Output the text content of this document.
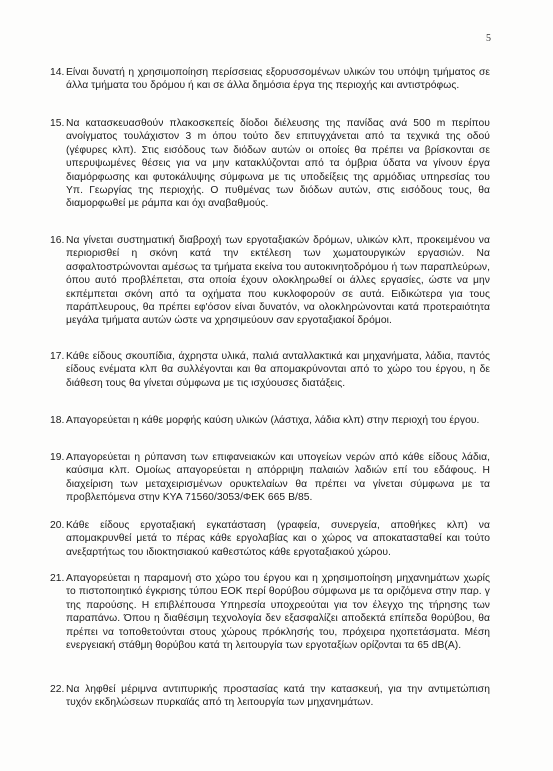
5
14. Είναι δυνατή η χρησιμοποίηση περίσσειας εξορυσσομένων υλικών του υπόψη τμήματος σε άλλα τμήματα του δρόμου ή και σε άλλα δημόσια έργα της περιοχής και αντιστρόφως.
15. Να κατασκευασθούν πλακοσκεπείς δίοδοι διέλευσης της πανίδας ανά 500 m περίπου ανοίγματος τουλάχιστον 3 m όπου τούτο δεν επιτυγχάνεται από τα τεχνικά της οδού (γέφυρες κλπ). Στις εισόδους των διόδων αυτών οι οποίες θα πρέπει να βρίσκονται σε υπερυψωμένες θέσεις για να μην κατακλύζονται από τα όμβρια ύδατα να γίνουν έργα διαμόρφωσης και φυτοκάλυψης σύμφωνα με τις υποδείξεις της αρμόδιας υπηρεσίας του Υπ. Γεωργίας της περιοχής. Ο πυθμένας των διόδων αυτών, στις εισόδους τους, θα διαμορφωθεί με ράμπα και όχι αναβαθμούς.
16. Να γίνεται συστηματική διαβροχή των εργοταξιακών δρόμων, υλικών κλπ, προκειμένου να περιορισθεί η σκόνη κατά την εκτέλεση των χωματουργικών εργασιών. Να ασφαλτοστρώνονται αμέσως τα τμήματα εκείνα του αυτοκινητοδρόμου ή των παραπλεύρων, όπου αυτό προβλέπεται, στα οποία έχουν ολοκληρωθεί οι άλλες εργασίες, ώστε να μην εκπέμπεται σκόνη από τα οχήματα που κυκλοφορούν σε αυτά. Ειδικώτερα για τους παράπλευρους, θα πρέπει εφ'όσον είναι δυνατόν, να ολοκληρώνονται κατά προτεραιότητα μεγάλα τμήματα αυτών ώστε να χρησιμεύουν σαν εργοταξιακοί δρόμοι.
17. Κάθε είδους σκουπίδια, άχρηστα υλικά, παλιά ανταλλακτικά και μηχανήματα, λάδια, παντός είδους ενέματα κλπ θα συλλέγονται και θα απομακρύνονται από το χώρο του έργου, η δε διάθεση τους θα γίνεται σύμφωνα με τις ισχύουσες διατάξεις.
18. Απαγορεύεται η κάθε μορφής καύση υλικών (λάστιχα, λάδια κλπ) στην περιοχή του έργου.
19. Απαγορεύεται η ρύπανση των επιφανειακών και υπογείων νερών από κάθε είδους λάδια, καύσιμα κλπ. Ομοίως απαγορεύεται η απόρριψη παλαιών λαδιών επί του εδάφους. Η διαχείριση των μεταχειρισμένων ορυκτελαίων θα πρέπει να γίνεται σύμφωνα με τα προβλεπόμενα στην ΚΥΑ 71560/3053/ΦΕΚ 665 Β/85.
20. Κάθε είδους εργοταξιακή εγκατάσταση (γραφεία, συνεργεία, αποθήκες κλπ) να απομακρυνθεί μετά το πέρας κάθε εργολαβίας και ο χώρος να αποκατασταθεί και τούτο ανεξαρτήτως του ιδιοκτησιακού καθεστώτος κάθε εργοταξιακού χώρου.
21. Απαγορεύεται η παραμονή στο χώρο του έργου και η χρησιμοποίηση μηχανημάτων χωρίς το πιστοποιητικό έγκρισης τύπου ΕΟΚ περί θορύβου σύμφωνα με τα οριζόμενα στην παρ. γ της παρούσης. Η επιβλέπουσα Υπηρεσία υποχρεούται για τον έλεγχο της τήρησης των παραπάνω. Όπου η διαθέσιμη τεχνολογία δεν εξασφαλίζει αποδεκτά επίπεδα θορύβου, θα πρέπει να τοποθετούνται στους χώρους πρόκλησής του, πρόχειρα ηχοπετάσματα. Μέση ενεργειακή στάθμη θορύβου κατά τη λειτουργία των εργοταξίων ορίζονται τα 65 dB(A).
22. Να ληφθεί μέριμνα αντιπυρικής προστασίας κατά την κατασκευή, για την αντιμετώπιση τυχόν εκδηλώσεων πυρκαϊάς από τη λειτουργία των μηχανημάτων.
